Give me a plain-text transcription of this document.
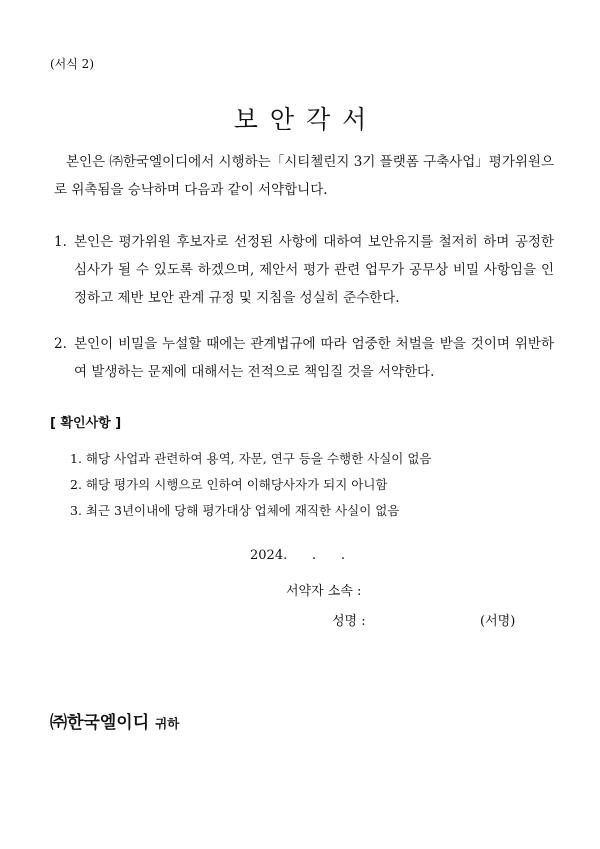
(서식 2)
보안각서
본인은 ㈜한국엘이디에서 시행하는「시티첼린지 3기 플랫폼 구축사업」평가위원으로 위촉됨을 승낙하며 다음과 같이 서약합니다.
1. 본인은 평가위원 후보자로 선정된 사항에 대하여 보안유지를 철저히 하며 공정한 심사가 될 수 있도록 하겠으며, 제안서 평가 관련 업무가 공무상 비밀 사항임을 인정하고 제반 보안 관계 규정 및 지침을 성실히 준수한다.
2. 본인이 비밀을 누설할 때에는 관계법규에 따라 엄중한 처벌을 받을 것이며 위반하여 발생하는 문제에 대해서는 전적으로 책임질 것을 서약한다.
[ 확인사항 ]
1. 해당 사업과 관련하여 용역, 자문, 연구 등을 수행한 사실이 없음
2. 해당 평가의 시행으로 인하여 이해당사자가 되지 아니함
3. 최근 3년이내에 당해 평가대상 업체에 재직한 사실이 없음
2024.      .      .
서약자 소속 :
성명 :	(서명)
㈜한국엘이디 귀하
